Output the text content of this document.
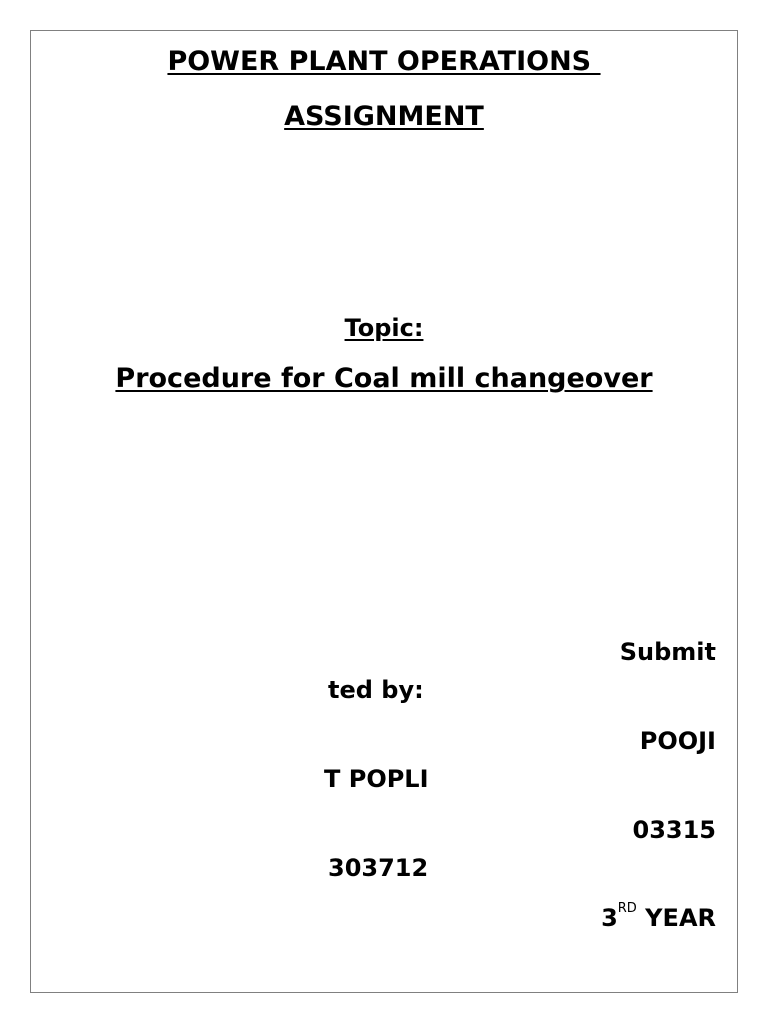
POWER PLANT OPERATIONS

ASSIGNMENT

Topic:

Procedure for Coal mill changeover

Submit

ted by:

POOJI

T POPLI

03315

303712

3RD YEAR
